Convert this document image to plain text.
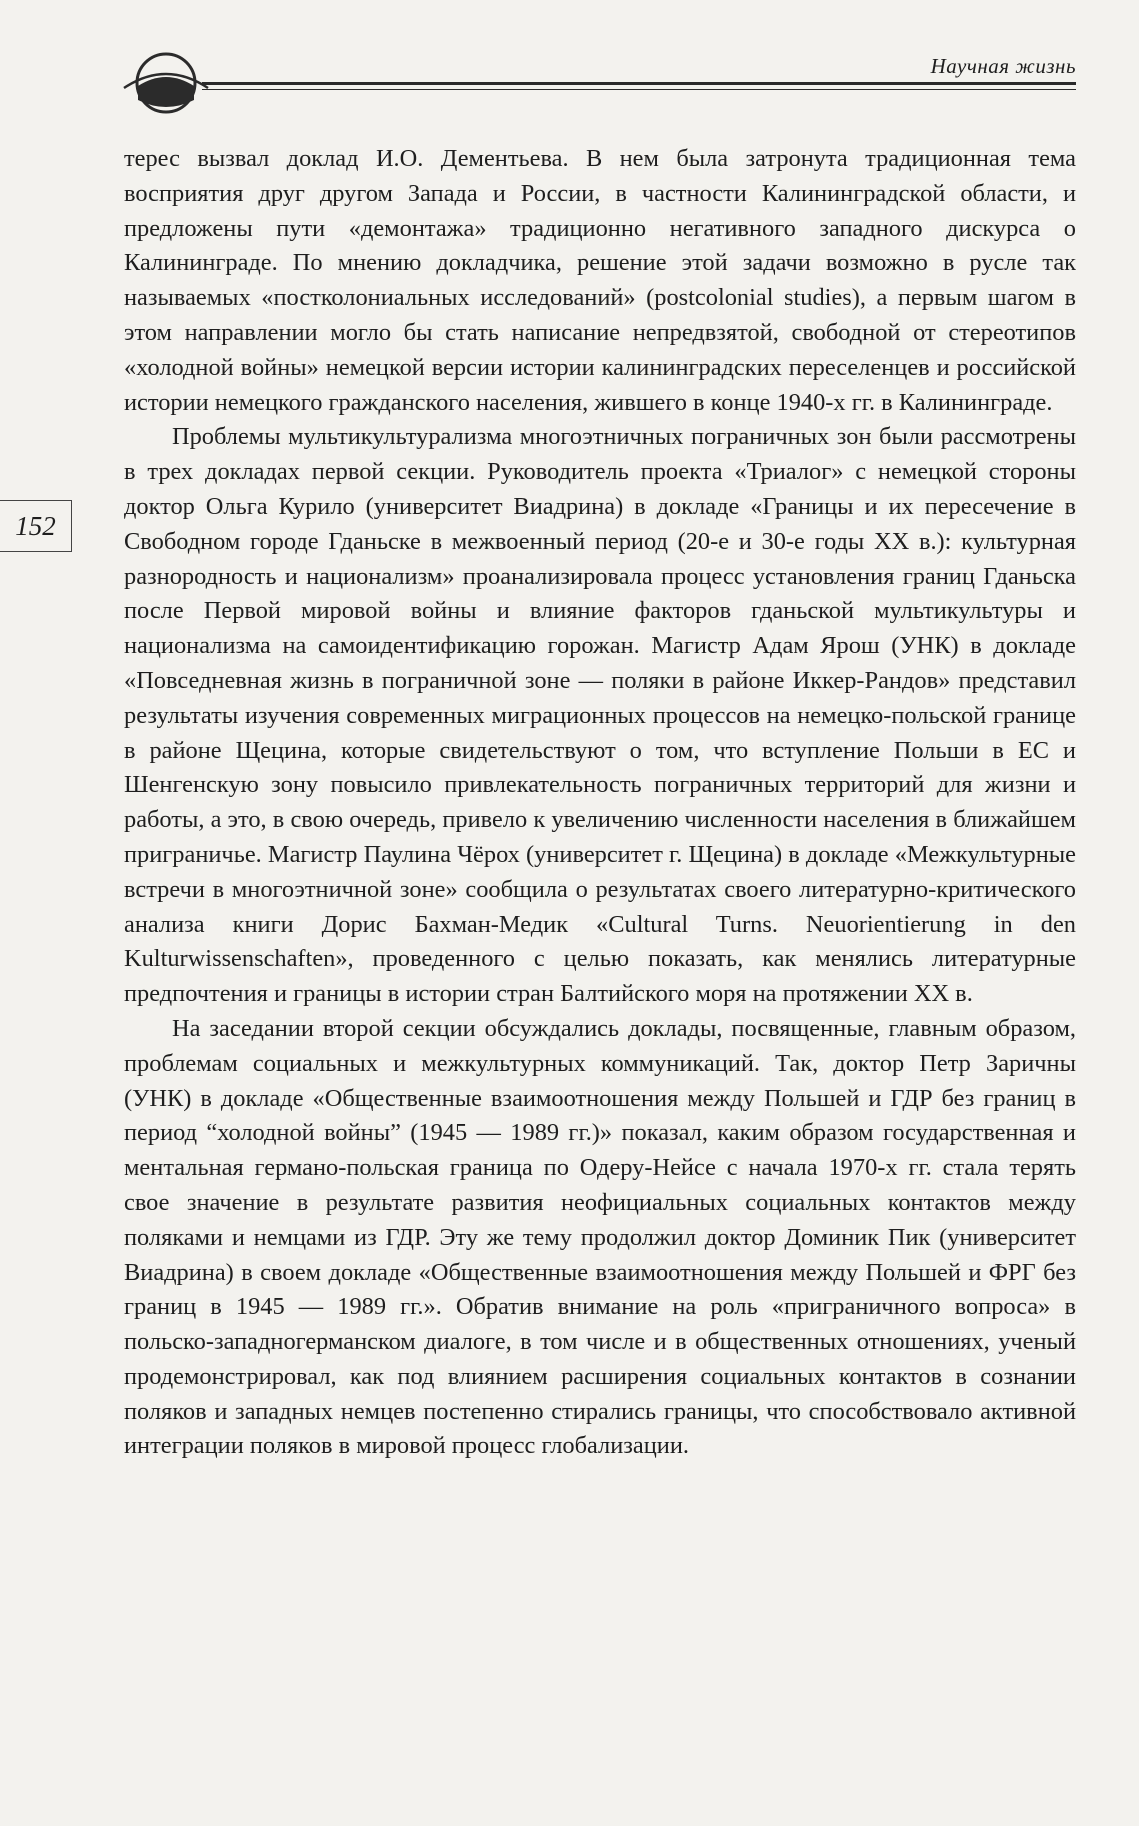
Научная жизнь
152

терес вызвал доклад И.О. Дементьева. В нем была затронута традиционная тема восприятия друг другом Запада и России, в частности Калининградской области, и предложены пути «демонтажа» традиционно негативного западного дискурса о Калининграде. По мнению докладчика, решение этой задачи возможно в русле так называемых «постколониальных исследований» (postcolonial studies), а первым шагом в этом направлении могло бы стать написание непредвзятой, свободной от стереотипов «холодной войны» немецкой версии истории калининградских переселенцев и российской истории немецкого гражданского населения, жившего в конце 1940-х гг. в Калининграде.

Проблемы мультикультурализма многоэтничных пограничных зон были рассмотрены в трех докладах первой секции. Руководитель проекта «Триалог» с немецкой стороны доктор Ольга Курило (университет Виадрина) в докладе «Границы и их пересечение в Свободном городе Гданьске в межвоенный период (20-е и 30-е годы ХХ в.): культурная разнородность и национализм» проанализировала процесс установления границ Гданьска после Первой мировой войны и влияние факторов гданьской мультикультуры и национализма на самоидентификацию горожан. Магистр Адам Ярош (УНК) в докладе «Повседневная жизнь в пограничной зоне — поляки в районе Иккер-Рандов» представил результаты изучения современных миграционных процессов на немецко-польской границе в районе Щецина, которые свидетельствуют о том, что вступление Польши в ЕС и Шенгенскую зону повысило привлекательность пограничных территорий для жизни и работы, а это, в свою очередь, привело к увеличению численности населения в ближайшем приграничье. Магистр Паулина Чёрох (университет г. Щецина) в докладе «Межкультурные встречи в многоэтничной зоне» сообщила о результатах своего литературно-критического анализа книги Дорис Бахман-Медик «Cultural Turns. Neuorientierung in den Kulturwissenschaften», проведенного с целью показать, как менялись литературные предпочтения и границы в истории стран Балтийского моря на протяжении ХХ в.

На заседании второй секции обсуждались доклады, посвященные, главным образом, проблемам социальных и межкультурных коммуникаций. Так, доктор Петр Заричны (УНК) в докладе «Общественные взаимоотношения между Польшей и ГДР без границ в период “холодной войны” (1945 — 1989 гг.)» показал, каким образом государственная и ментальная германо-польская граница по Одеру-Нейсе с начала 1970-х гг. стала терять свое значение в результате развития неофициальных социальных контактов между поляками и немцами из ГДР. Эту же тему продолжил доктор Доминик Пик (университет Виадрина) в своем докладе «Общественные взаимоотношения между Польшей и ФРГ без границ в 1945 — 1989 гг.». Обратив внимание на роль «приграничного вопроса» в польско-западногерманском диалоге, в том числе и в общественных отношениях, ученый продемонстрировал, как под влиянием расширения социальных контактов в сознании поляков и западных немцев постепенно стирались границы, что способствовало активной интеграции поляков в мировой процесс глобализации.
